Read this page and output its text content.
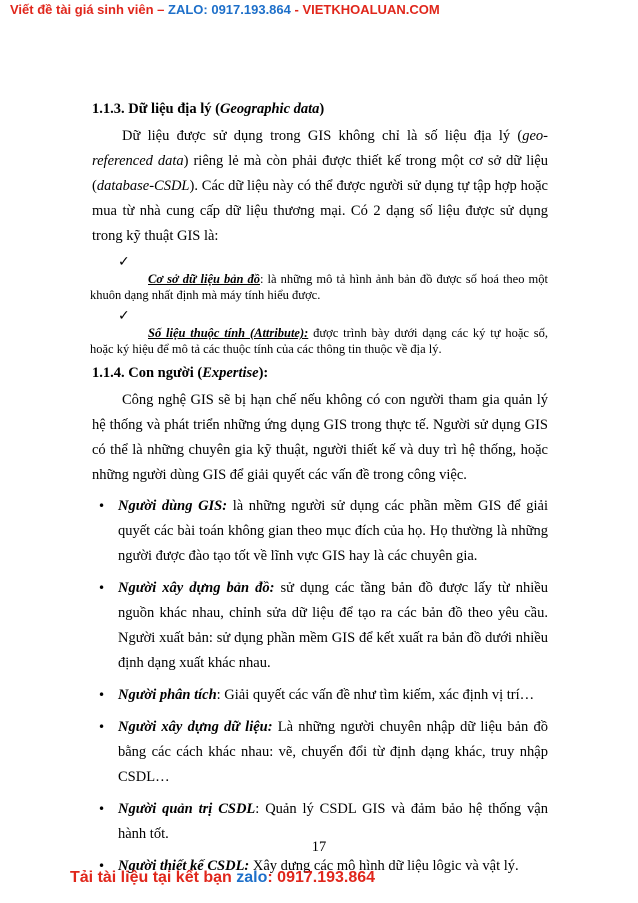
Viết đề tài giá sinh viên – ZALO: 0917.193.864 - VIETKHOALUAN.COM

1.1.3. Dữ liệu địa lý (Geographic data)

Dữ liệu được sử dụng trong GIS không chỉ là số liệu địa lý (geo-referenced data) riêng lẻ mà còn phải được thiết kế trong một cơ sở dữ liệu (database-CSDL). Các dữ liệu này có thể được người sử dụng tự tập hợp hoặc mua từ nhà cung cấp dữ liệu thương mại. Có 2 dạng số liệu được sử dụng trong kỹ thuật GIS là:

✓

Cơ sở dữ liệu bản đồ: là những mô tả hình ảnh bản đồ được số hoá theo một khuôn dạng nhất định mà máy tính hiểu được.

✓

Số liệu thuộc tính (Attribute): được trình bày dưới dạng các ký tự hoặc số, hoặc ký hiệu để mô tả các thuộc tính của các thông tin thuộc về địa lý.

1.1.4. Con người (Expertise):

Công nghệ GIS sẽ bị hạn chế nếu không có con người tham gia quản lý hệ thống và phát triển những ứng dụng GIS trong thực tế. Người sử dụng GIS có thể là những chuyên gia kỹ thuật, người thiết kế và duy trì hệ thống, hoặc những người dùng GIS để giải quyết các vấn đề trong công việc.

• Người dùng GIS: là những người sử dụng các phần mềm GIS để giải quyết các bài toán không gian theo mục đích của họ. Họ thường là những người được đào tạo tốt về lĩnh vực GIS hay là các chuyên gia.
• Người xây dựng bản đồ: sử dụng các tầng bản đồ được lấy từ nhiều nguồn khác nhau, chỉnh sửa dữ liệu để tạo ra các bản đồ theo yêu cầu. Người xuất bản: sử dụng phần mềm GIS để kết xuất ra bản đồ dưới nhiều định dạng xuất khác nhau.
• Người phân tích: Giải quyết các vấn đề như tìm kiếm, xác định vị trí…
• Người xây dựng dữ liệu: Là những người chuyên nhập dữ liệu bản đồ bằng các cách khác nhau: vẽ, chuyển đổi từ định dạng khác, truy nhập CSDL…
• Người quản trị CSDL: Quản lý CSDL GIS và đảm bảo hệ thống vận hành tốt.
• Người thiết kế CSDL: Xây dựng các mô hình dữ liệu lôgic và vật lý.
17
Tải tài liệu tại kết bạn zalo: 0917.193.864
